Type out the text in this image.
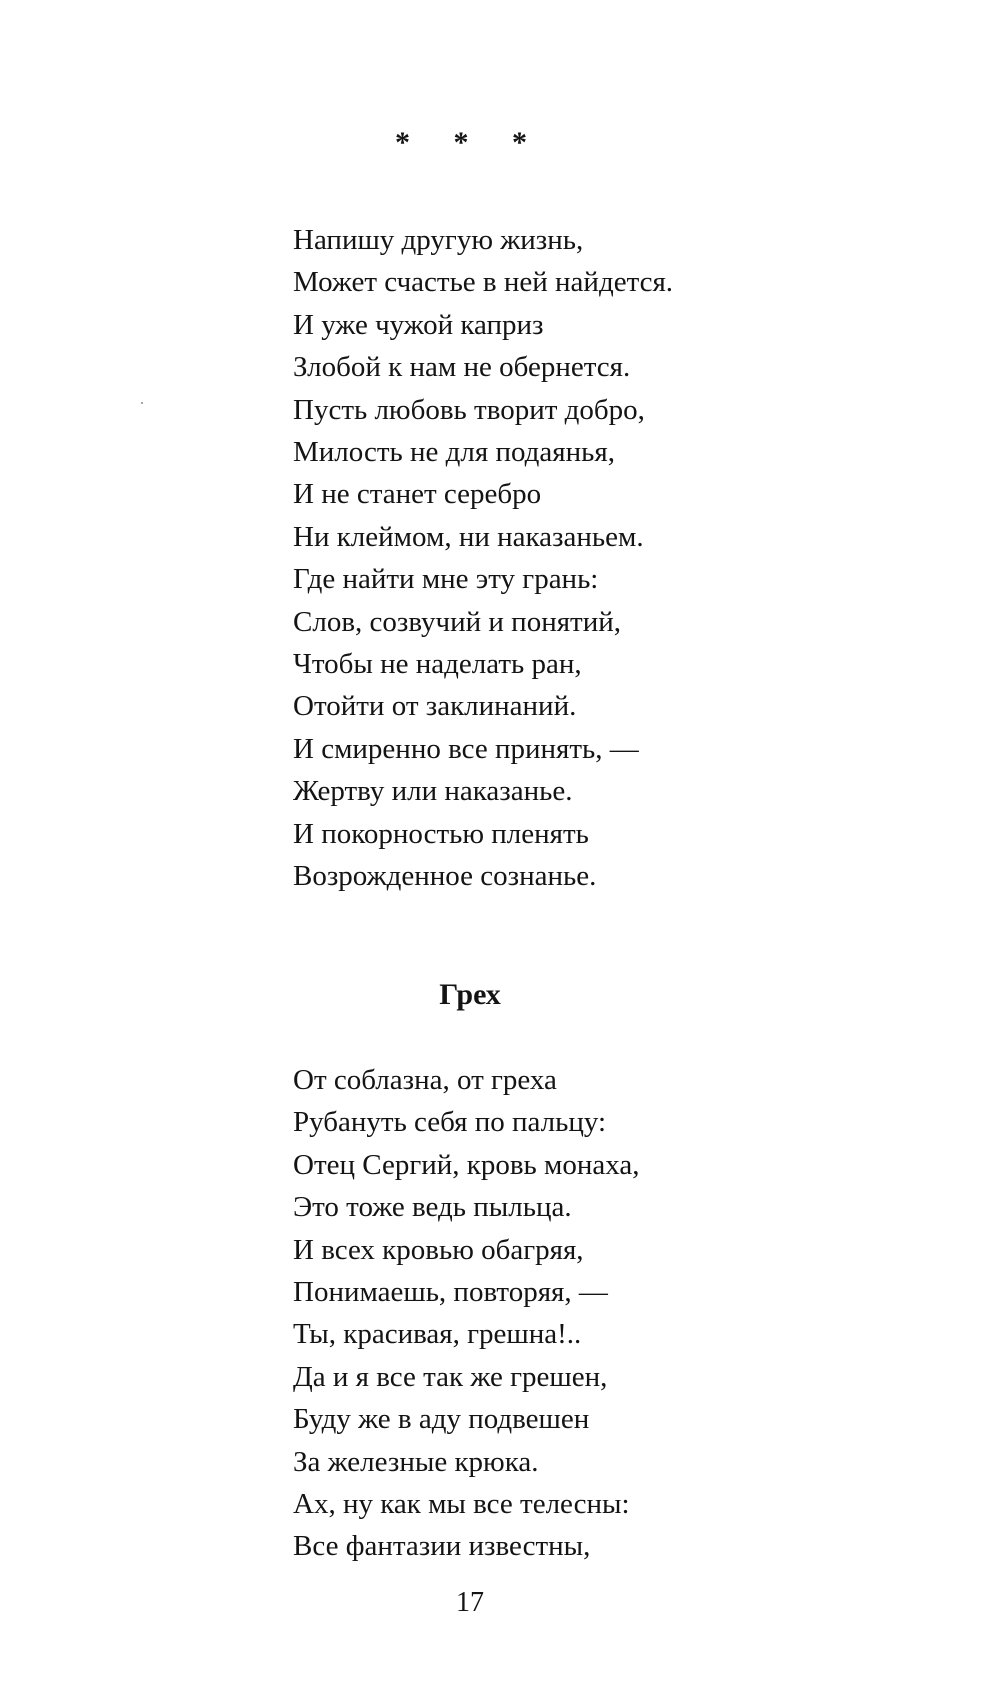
* * *
Напишу другую жизнь,
Может счастье в ней найдется.
И уже чужой каприз
Злобой к нам не обернется.
Пусть любовь творит добро,
Милость не для подаянья,
И не станет серебро
Ни клеймом, ни наказаньем.
Где найти мне эту грань:
Слов, созвучий и понятий,
Чтобы не наделать ран,
Отойти от заклинаний.
И смиренно все принять, —
Жертву или наказанье.
И покорностью пленять
Возрожденное сознанье.
Грех
От соблазна, от греха
Рубануть себя по пальцу:
Отец Сергий, кровь монаха,
Это тоже ведь пыльца.
И всех кровью обагряя,
Понимаешь, повторяя, —
Ты, красивая, грешна!..
Да и я все так же грешен,
Буду же в аду подвешен
За железные крюка.
Ах, ну как мы все телесны:
Все фантазии известны,
17
